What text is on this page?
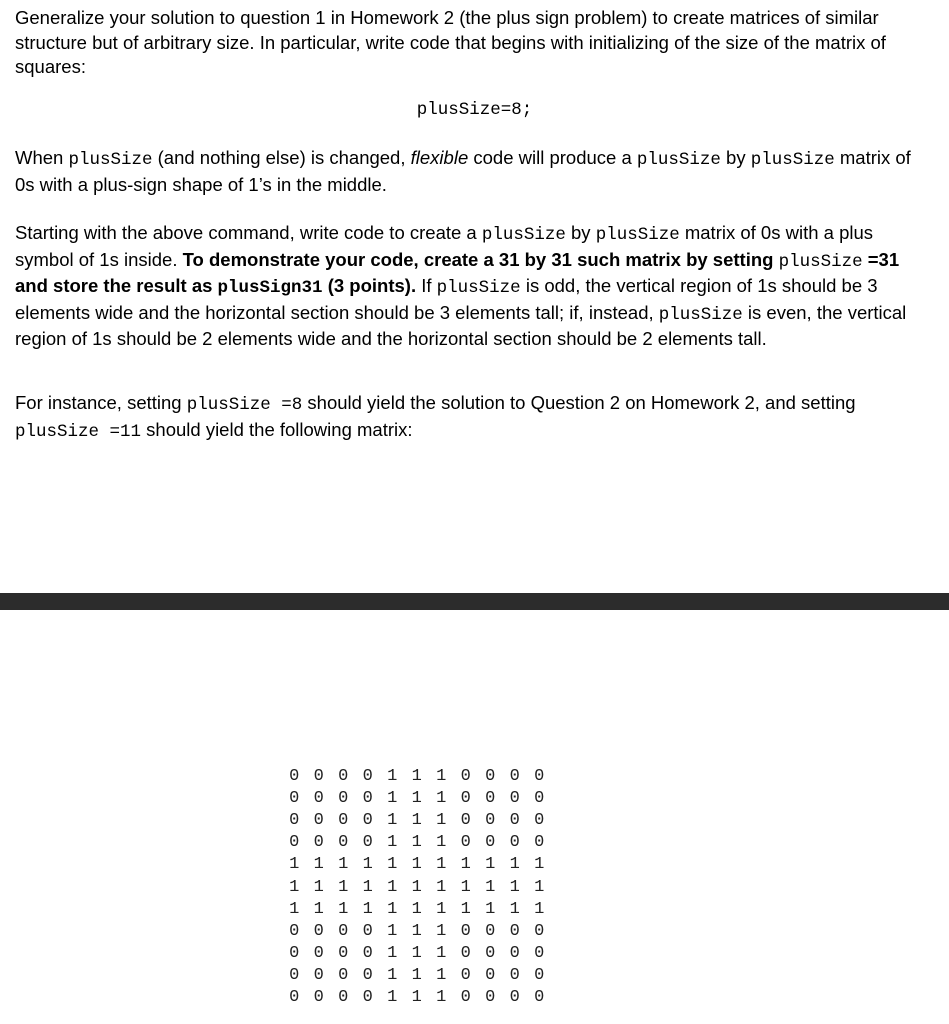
Generalize your solution to question 1 in Homework 2 (the plus sign problem) to create matrices of similar structure but of arbitrary size. In particular, write code that begins with initializing of the size of the matrix of squares:
plusSize=8;
When plusSize (and nothing else) is changed, flexible code will produce a plusSize by plusSize matrix of 0s with a plus-sign shape of 1’s in the middle.
Starting with the above command, write code to create a plusSize by plusSize matrix of 0s with a plus symbol of 1s inside. To demonstrate your code, create a 31 by 31 such matrix by setting plusSize =31 and store the result as plusSign31 (3 points). If plusSize is odd, the vertical region of 1s should be 3 elements wide and the horizontal section should be 3 elements tall; if, instead, plusSize is even, the vertical region of 1s should be 2 elements wide and the horizontal section should be 2 elements tall.
For instance, setting plusSize =8 should yield the solution to Question 2 on Homework 2, and setting plusSize =11 should yield the following matrix:
0 0 0 0 1 1 1 0 0 0 0
0 0 0 0 1 1 1 0 0 0 0
0 0 0 0 1 1 1 0 0 0 0
0 0 0 0 1 1 1 0 0 0 0
1 1 1 1 1 1 1 1 1 1 1
1 1 1 1 1 1 1 1 1 1 1
1 1 1 1 1 1 1 1 1 1 1
0 0 0 0 1 1 1 0 0 0 0
0 0 0 0 1 1 1 0 0 0 0
0 0 0 0 1 1 1 0 0 0 0
0 0 0 0 1 1 1 0 0 0 0
